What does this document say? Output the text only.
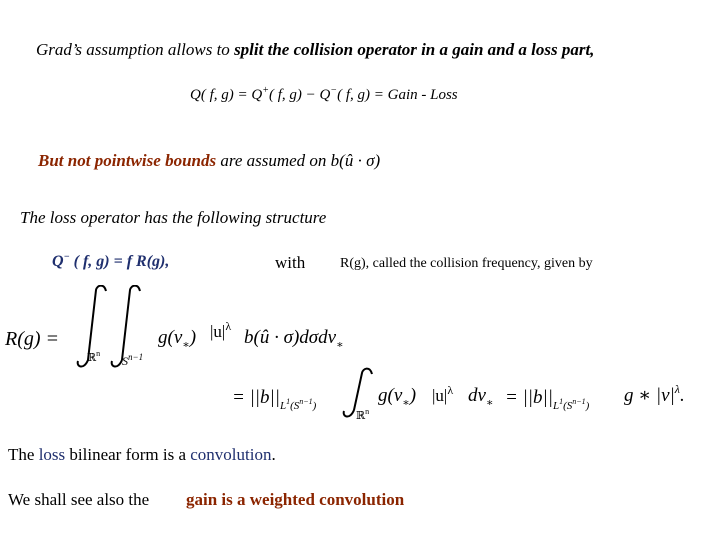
Grad’s assumption allows to split the collision operator in a gain and a loss part,
Q( f, g) = Q+( f, g) − Q−( f, g) = Gain - Loss
But not pointwise bounds are assumed on b(û · σ)
The loss operator has the following structure
Q− ( f, g) = f R(g),	with R(g), called the collision frequency, given by
R(g) =
ℝ$^n$
$S^{n-1}$
$g(v_∗)$ $|u|^\lambda$
b(û · σ)dσdv$_∗$
= $||b||_L^1_{(S}^{n-1}_)$
ℝ$^n$
$g(v_∗)$ $|u|^\lambda$ $dv_∗ = ||b||_L^1_{(S}^{n-1}_)$ g ∗ $|v|^\lambda$.
The loss bilinear form is a convolution.
We shall see also the gain is a weighted convolution
